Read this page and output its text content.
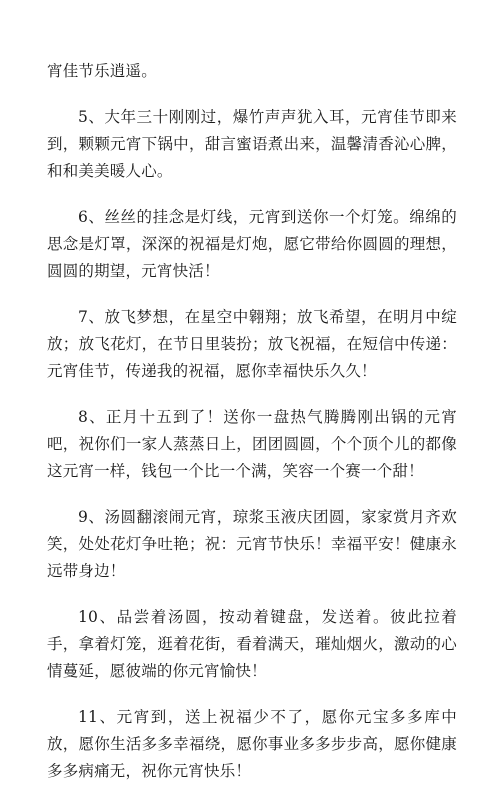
宵佳节乐逍遥。

5、大年三十刚刚过，爆竹声声犹入耳，元宵佳节即来到，颗颗元宵下锅中，甜言蜜语煮出来，温馨清香沁心脾，和和美美暖人心。

6、丝丝的挂念是灯线，元宵到送你一个灯笼。绵绵的思念是灯罩，深深的祝福是灯炮，愿它带给你圆圆的理想，圆圆的期望，元宵快活！

7、放飞梦想，在星空中翱翔；放飞希望，在明月中绽放；放飞花灯，在节日里装扮；放飞祝福，在短信中传递：元宵佳节，传递我的祝福，愿你幸福快乐久久！

8、正月十五到了！送你一盘热气腾腾刚出锅的元宵吧，祝你们一家人蒸蒸日上，团团圆圆，个个顶个儿的都像这元宵一样，钱包一个比一个满，笑容一个赛一个甜！

9、汤圆翻滚闹元宵，琼浆玉液庆团圆，家家赏月齐欢笑，处处花灯争吐艳；祝：元宵节快乐！幸福平安！健康永远带身边！

10、品尝着汤圆，按动着键盘，发送着。彼此拉着手，拿着灯笼，逛着花街，看着满天，璀灿烟火，激动的心情蔓延，愿彼端的你元宵愉快！

11、元宵到，送上祝福少不了，愿你元宝多多库中放，愿你生活多多幸福绕，愿你事业多多步步高，愿你健康多多病痛无，祝你元宵快乐！
